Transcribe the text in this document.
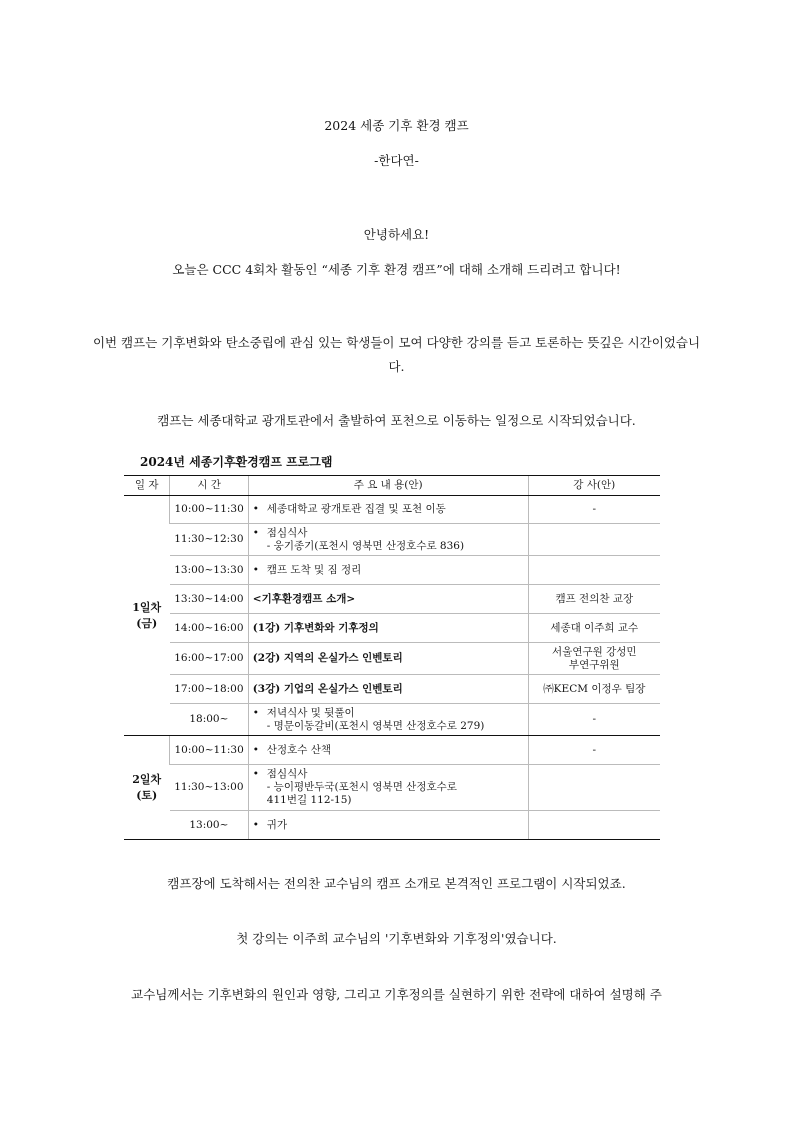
2024 세종 기후 환경 캠프

-한다연-

안녕하세요!

오늘은 CCC 4회차 활동인 “세종 기후 환경 캠프”에 대해 소개해 드리려고 합니다!

이번 캠프는 기후변화와 탄소중립에 관심 있는 학생들이 모여 다양한 강의를 듣고 토론하는 뜻깊은 시간이었습니다.

캠프는 세종대학교 광개토관에서 출발하여 포천으로 이동하는 일정으로 시작되었습니다.

2024년 세종기후환경캠프 프로그램

일 자	시 간	주 요 내 용(안)	강 사(안)
1일차
(금)	10:00~11:30	• 세종대학교 광개토관 집결 및 포천 이동	-
	11:30~12:30	• 점심식사
- 웅기종기(포천시 영북면 산정호수로 836)	

	13:00~13:30	• 캠프 도착 및 짐 정리	

	13:30~14:00	<기후환경캠프 소개>	캠프 전의찬 교장
	14:00~16:00	(1강) 기후변화와 기후정의	세종대 이주희 교수
	16:00~17:00	(2강) 지역의 온실가스 인벤토리	서울연구원 강성민
부연구위원
	17:00~18:00	(3강) 기업의 온실가스 인벤토리	㈜KECM 이정우 팀장
	18:00~	• 저녁식사 및 뒷풀이
- 명문이동갈비(포천시 영북면 산정호수로 279)	-
2일차
(토)	10:00~11:30	• 산정호수 산책	-
	11:30~13:00	• 점심식사
- 능이평반두국(포천시 영북면 산정호수로
411번길 112-15)	

	13:00~	• 귀가	

캠프장에 도착해서는 전의찬 교수님의 캠프 소개로 본격적인 프로그램이 시작되었죠.

첫 강의는 이주희 교수님의 '기후변화와 기후정의'였습니다.

교수님께서는 기후변화의 원인과 영향, 그리고 기후정의를 실현하기 위한 전략에 대하여 설명해 주
